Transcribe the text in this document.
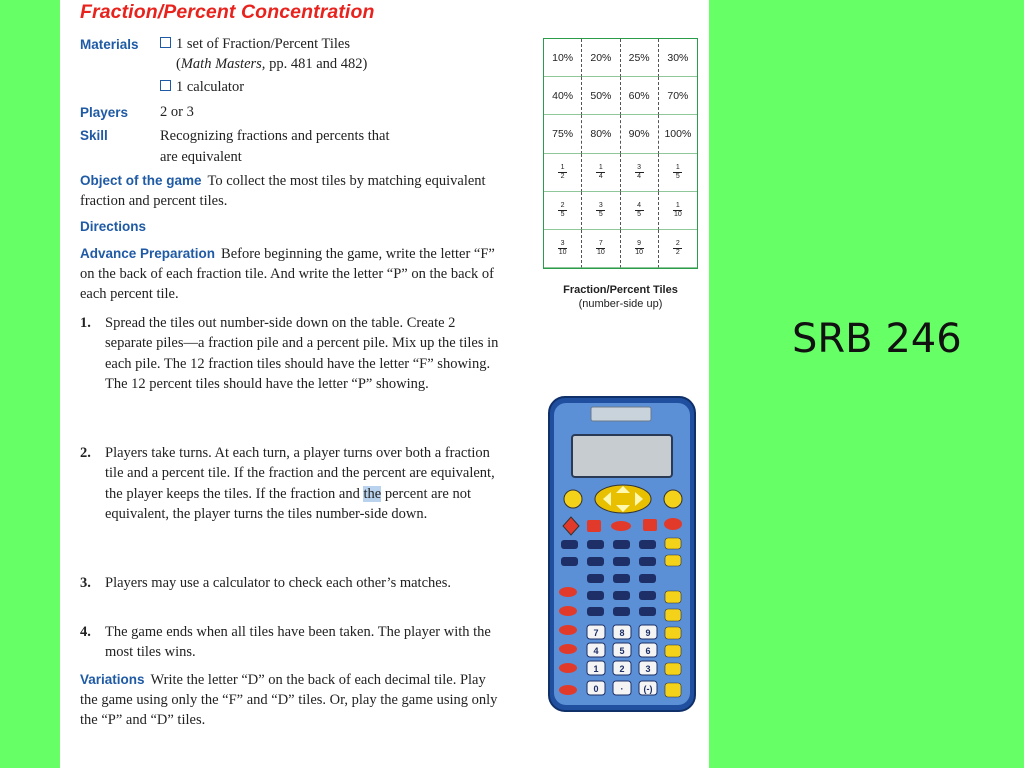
Fraction/Percent Concentration
Materials	1 set of Fraction/Percent Tiles
(Math Masters, pp. 481 and 482)
1 calculator
Players 2 or 3
Skill	Recognizing fractions and percents that
are equivalent
Object of the game To collect the most tiles by matching equivalent fraction and percent tiles.
Directions
Advance Preparation Before beginning the game, write the letter “F” on the back of each fraction tile. And write the letter “P” on the back of each percent tile.
1. Spread the tiles out number-side down on the table. Create 2 separate piles—a fraction pile and a percent pile. Mix up the tiles in each pile. The 12 fraction tiles should have the letter “F” showing. The 12 percent tiles should have the letter “P” showing.
2. Players take turns. At each turn, a player turns over both a fraction tile and a percent tile. If the fraction and the percent are equivalent, the player keeps the tiles. If the fraction and the percent are not equivalent, the player turns the tiles number-side down.
3. Players may use a calculator to check each other’s matches.
4. The game ends when all tiles have been taken. The player with the most tiles wins.
Variations Write the letter “D” on the back of each decimal tile. Play the game using only the “F” and “D” tiles. Or, play the game using only the “P” and “D” tiles.
10%	20%	25%	30%
40%	50%	60%	70%
75%	80%	90%	100%
$\frac{1}{2}$	$\frac{1}{4}$	$\frac{3}{4}$	$\frac{1}{5}$
$\frac{2}{5}$	$\frac{3}{5}$	$\frac{4}{5}$	$\frac{1}{10}$
$\frac{3}{10}$	$\frac{7}{10}$	$\frac{9}{10}$	$\frac{2}{2}$
Fraction/Percent Tiles
(number-side up)
7 8 9
4 5 6
1 2 3
0 · (-)
SRB 246
